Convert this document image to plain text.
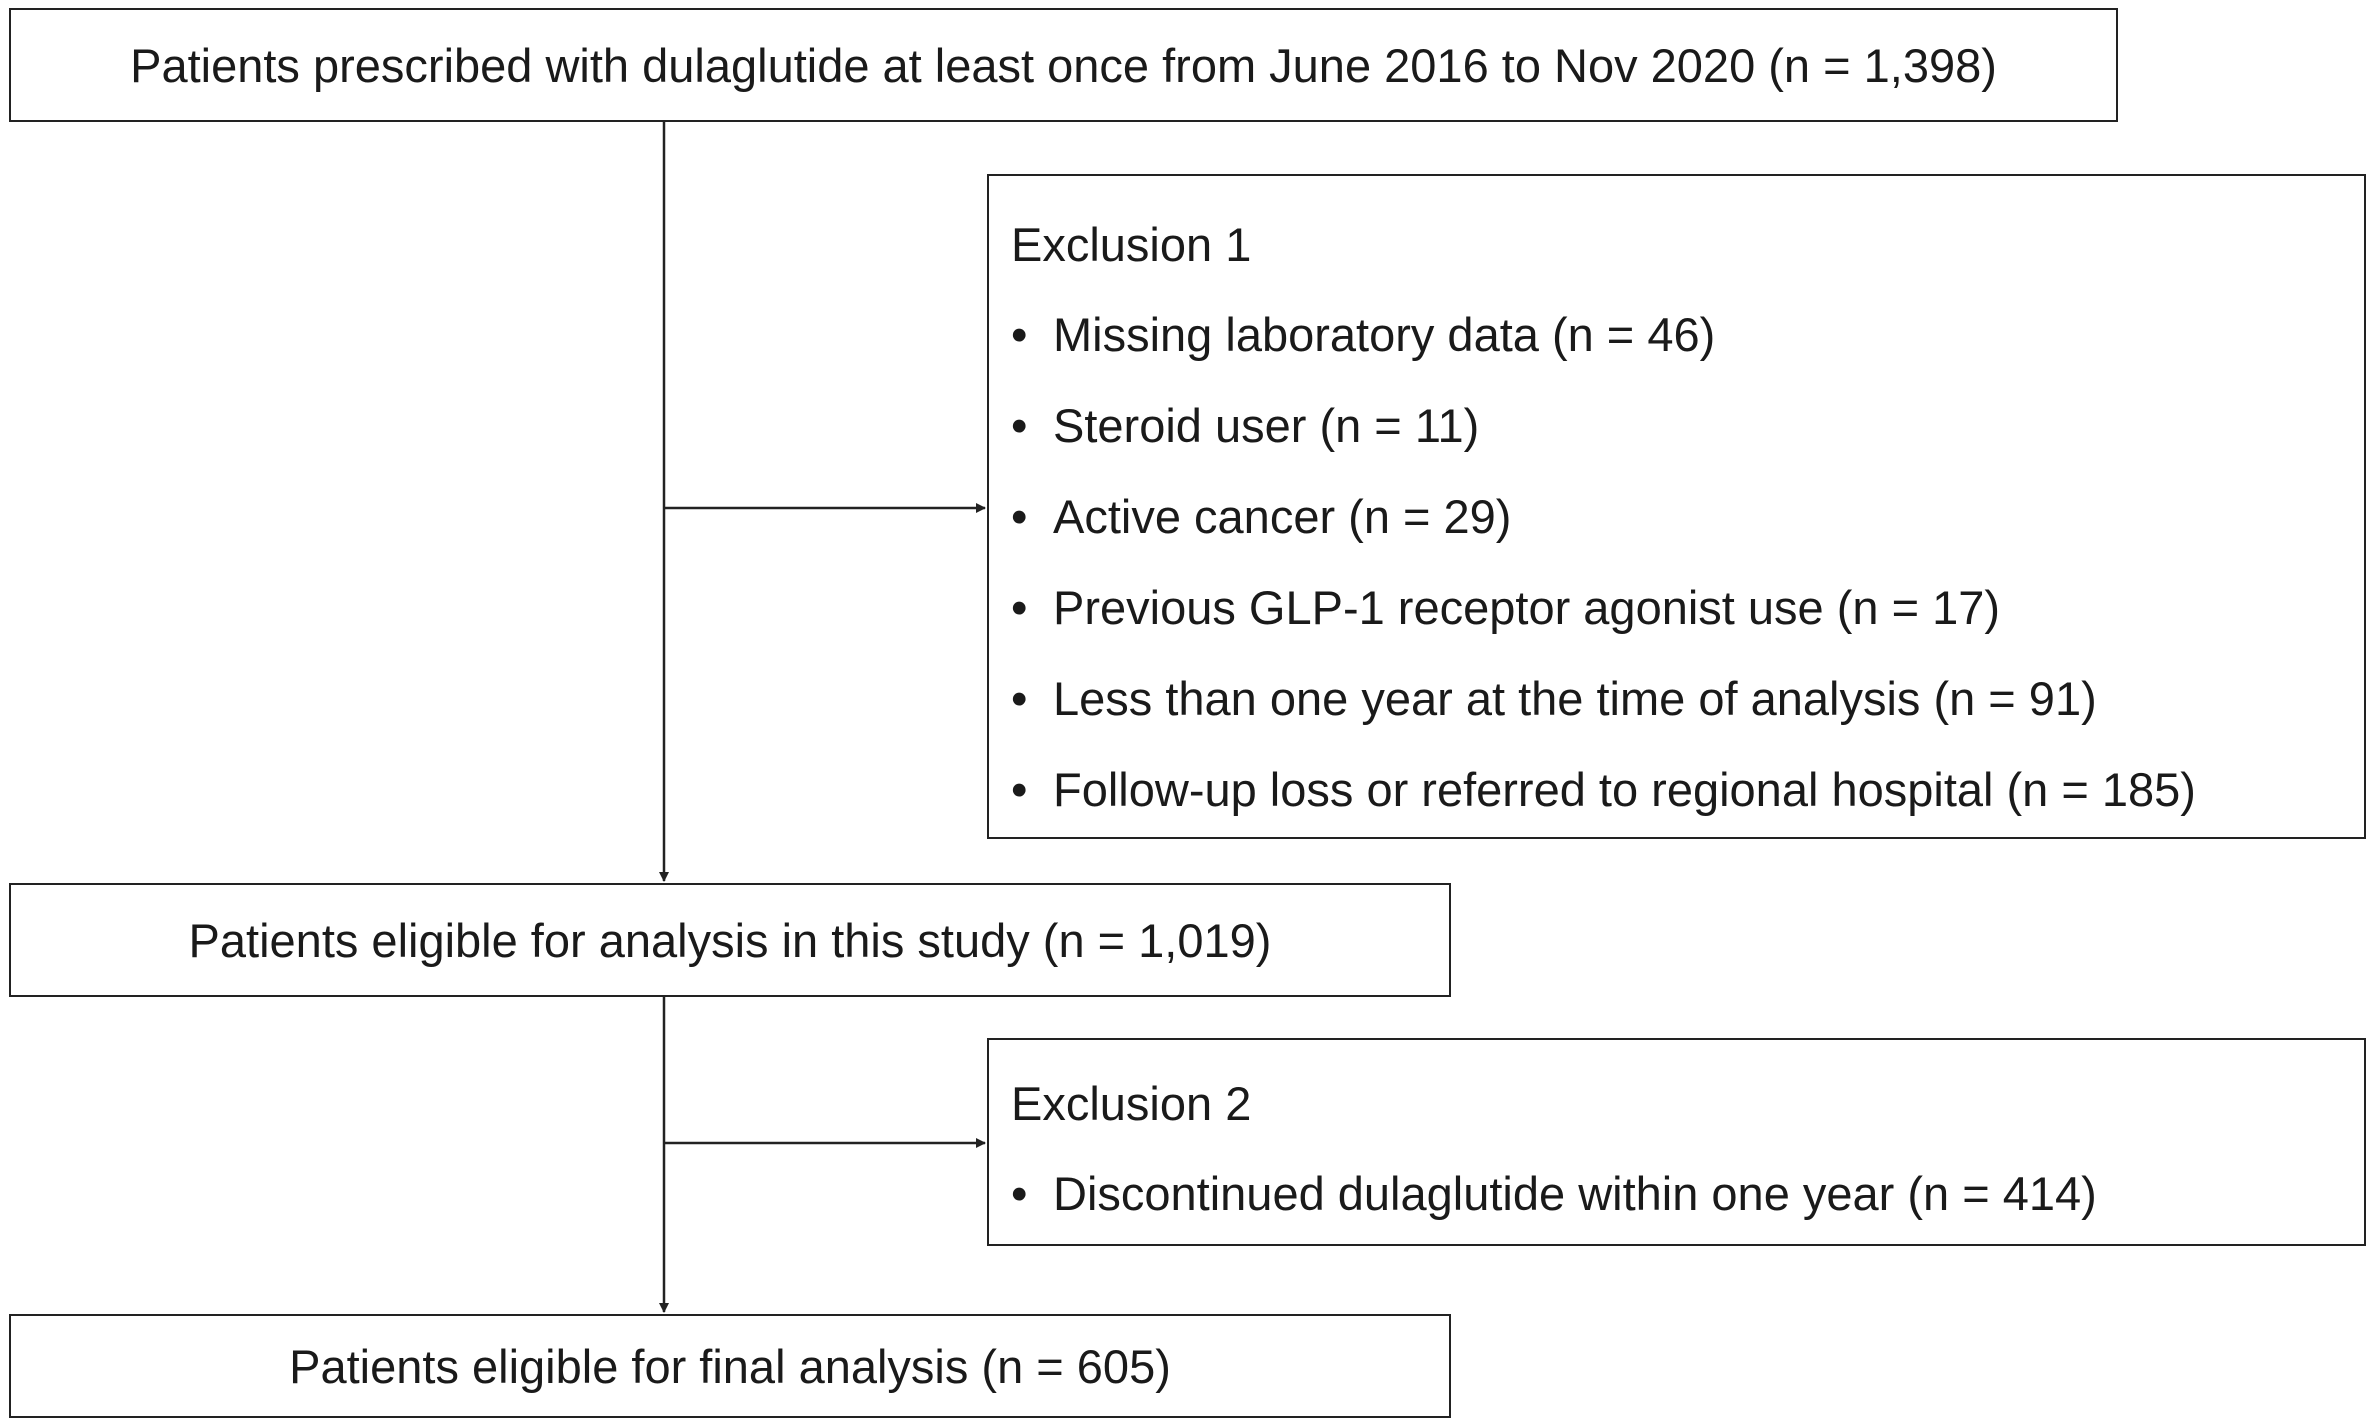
Patients prescribed with dulaglutide at least once from June 2016 to Nov 2020 (n = 1,398)
Exclusion 1
• Missing laboratory data (n = 46)
• Steroid user (n = 11)
• Active cancer (n = 29)
• Previous GLP-1 receptor agonist use (n = 17)
• Less than one year at the time of analysis (n = 91)
• Follow-up loss or referred to regional hospital (n = 185)
Patients eligible for analysis in this study (n = 1,019)
Exclusion 2
• Discontinued dulaglutide within one year (n = 414)
Patients eligible for final analysis (n = 605)
